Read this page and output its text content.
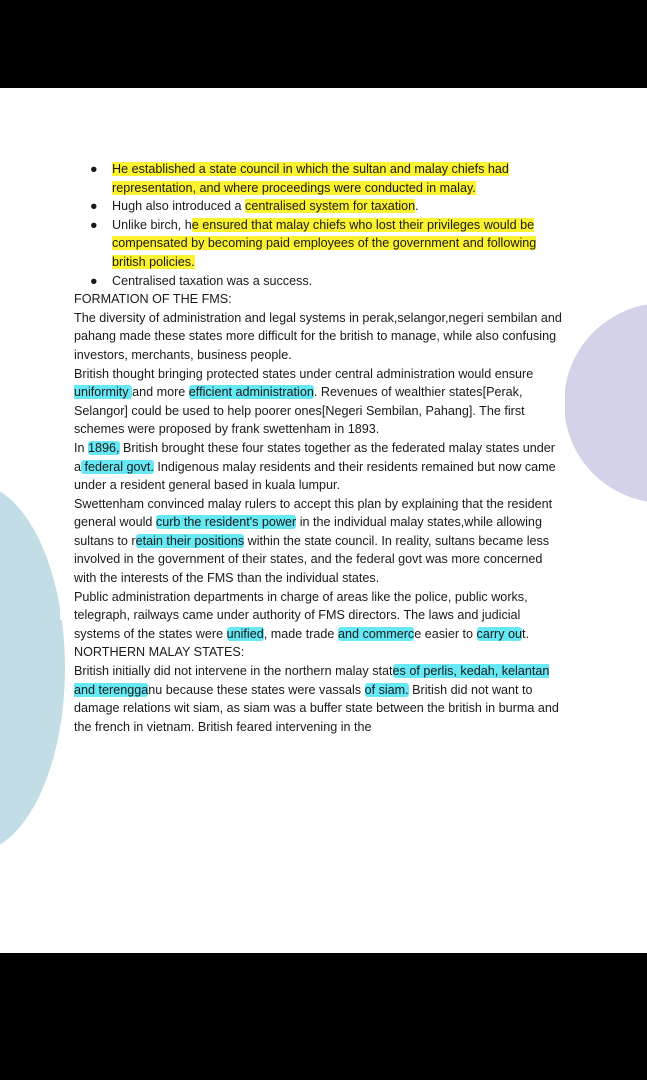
● He established a state council in which the sultan and malay chiefs had representation, and where proceedings were conducted in malay.
● Hugh also introduced a centralised system for taxation.
● Unlike birch, he ensured that malay chiefs who lost their privileges would be compensated by becoming paid employees of the government and following british policies.
● Centralised taxation was a success.
FORMATION OF THE FMS:

The diversity of administration and legal systems in perak,selangor,negeri sembilan and pahang made these states more difficult for the british to manage, while also confusing investors, merchants, business people.

British thought bringing protected states under central administration would ensure uniformity and more efficient administration. Revenues of wealthier states[Perak, Selangor] could be used to help poorer ones[Negeri Sembilan, Pahang]. The first schemes were proposed by frank swettenham in 1893.

In 1896, British brought these four states together as the federated malay states under a federal govt. Indigenous malay residents and their residents remained but now came under a resident general based in kuala lumpur.

Swettenham convinced malay rulers to accept this plan by explaining that the resident general would curb the resident's power in the individual malay states,while allowing sultans to retain their positions within the state council. In reality, sultans became less involved in the government of their states, and the federal govt was more concerned with the interests of the FMS than the individual states.

Public administration departments in charge of areas like the police, public works, telegraph, railways came under authority of FMS directors. The laws and judicial systems of the states were unified, made trade and commerce easier to carry out.

NORTHERN MALAY STATES:

British initially did not intervene in the northern malay states of perlis, kedah, kelantan and terengganu because these states were vassals of siam. British did not want to damage relations wit siam, as siam was a buffer state between the british in burma and the french in vietnam. British feared intervening in the
